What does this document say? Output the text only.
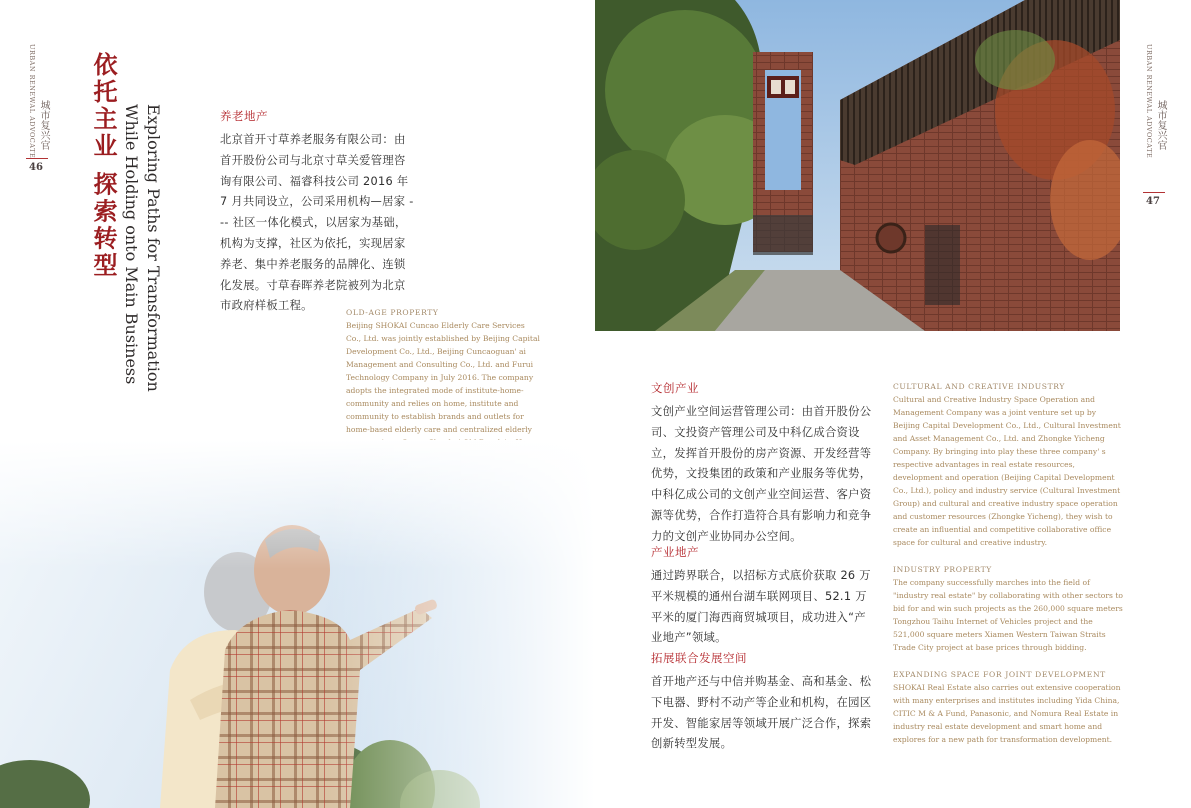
URBAN RENEWAL ADVOCATE 城市复兴官
46 依托主业 探索转型 Exploring Paths for Transformation
While Holding onto Main Business	养老地产

北京首开寸草养老服务有限公司：由首开股份公司与北京寸草关爱管理咨询有限公司、福睿科技公司 2016 年 7 月共同设立，公司采用机构—居家 --- 社区一体化模式，以居家为基础，机构为支撑，社区为依托，实现居家养老、集中养老服务的品牌化、连锁化发展。寸草春晖养老院被列为北京市政府样板工程。

OLD-AGE PROPERTY
Beijing SHOKAI Cuncao Elderly Care Services Co., Ltd. was jointly established by Beijing Capital Development Co., Ltd., Beijing Cuncaoguan' ai Management and Consulting Co., Ltd. and Furui Technology Company in July 2016. The company adopts the integrated mode of institute-home-community and relies on home, institute and community to establish brands and outlets for home-based elderly care and centralized elderly
URBAN RENEWAL ADVOCATE 城市复兴官
47
文创产业

文创产业空间运营管理公司：由首开股份公司、文投资产管理公司及中科亿成合资设立，发挥首开股份的房产资源、开发经营等优势，文投集团的政策和产业服务等优势，中科亿成公司的文创产业空间运营、客户资源等优势，合作打造符合具有影响力和竞争力的文创产业协同办公空间。

产业地产

通过跨界联合，以招标方式底价获取 26 万平米规模的通州台湖车联网项目、52.1 万平米的厦门海西商贸城项目，成功进入“产业地产”领域。

拓展联合发展空间

首开地产还与中信并购基金、高和基金、松下电器、野村不动产等企业和机构，在园区开发、智能家居等领域开展广泛合作，探索创新转型发展。

CULTURAL AND CREATIVE INDUSTRY
Cultural and Creative Industry Space Operation and Management Company was a joint venture set up by Beijing Capital Development Co., Ltd., Cultural Investment and Asset Management Co., Ltd. and Zhongke Yicheng Company. By bringing into play these three company' s respective advantages in real estate resources, development and operation (Beijing Capital Development Co., Ltd.), policy and industry service (Cultural Investment Group) and cultural and creative industry space operation and customer resources (Zhongke Yicheng), they wish to create an influential and competitive collaborative office space for cultural and creative industry.
INDUSTRY PROPERTY
The company successfully marches into the field of "industry real estate" by collaborating with other sectors to bid for and win such projects as the 260,000 square meters Tongzhou Taihu Internet of Vehicles project and the 521,000 square meters Xiamen Western Taiwan Straits Trade City project at base prices through bidding.
EXPANDING SPACE FOR JOINT DEVELOPMENT
SHOKAI Real Estate also carries out extensive cooperation with many enterprises and institutes including Yida China, CITIC M & A Fund, Panasonic, and Nomura Real Estate in industry real estate development and smart home and explores for a new path for transformation development.
